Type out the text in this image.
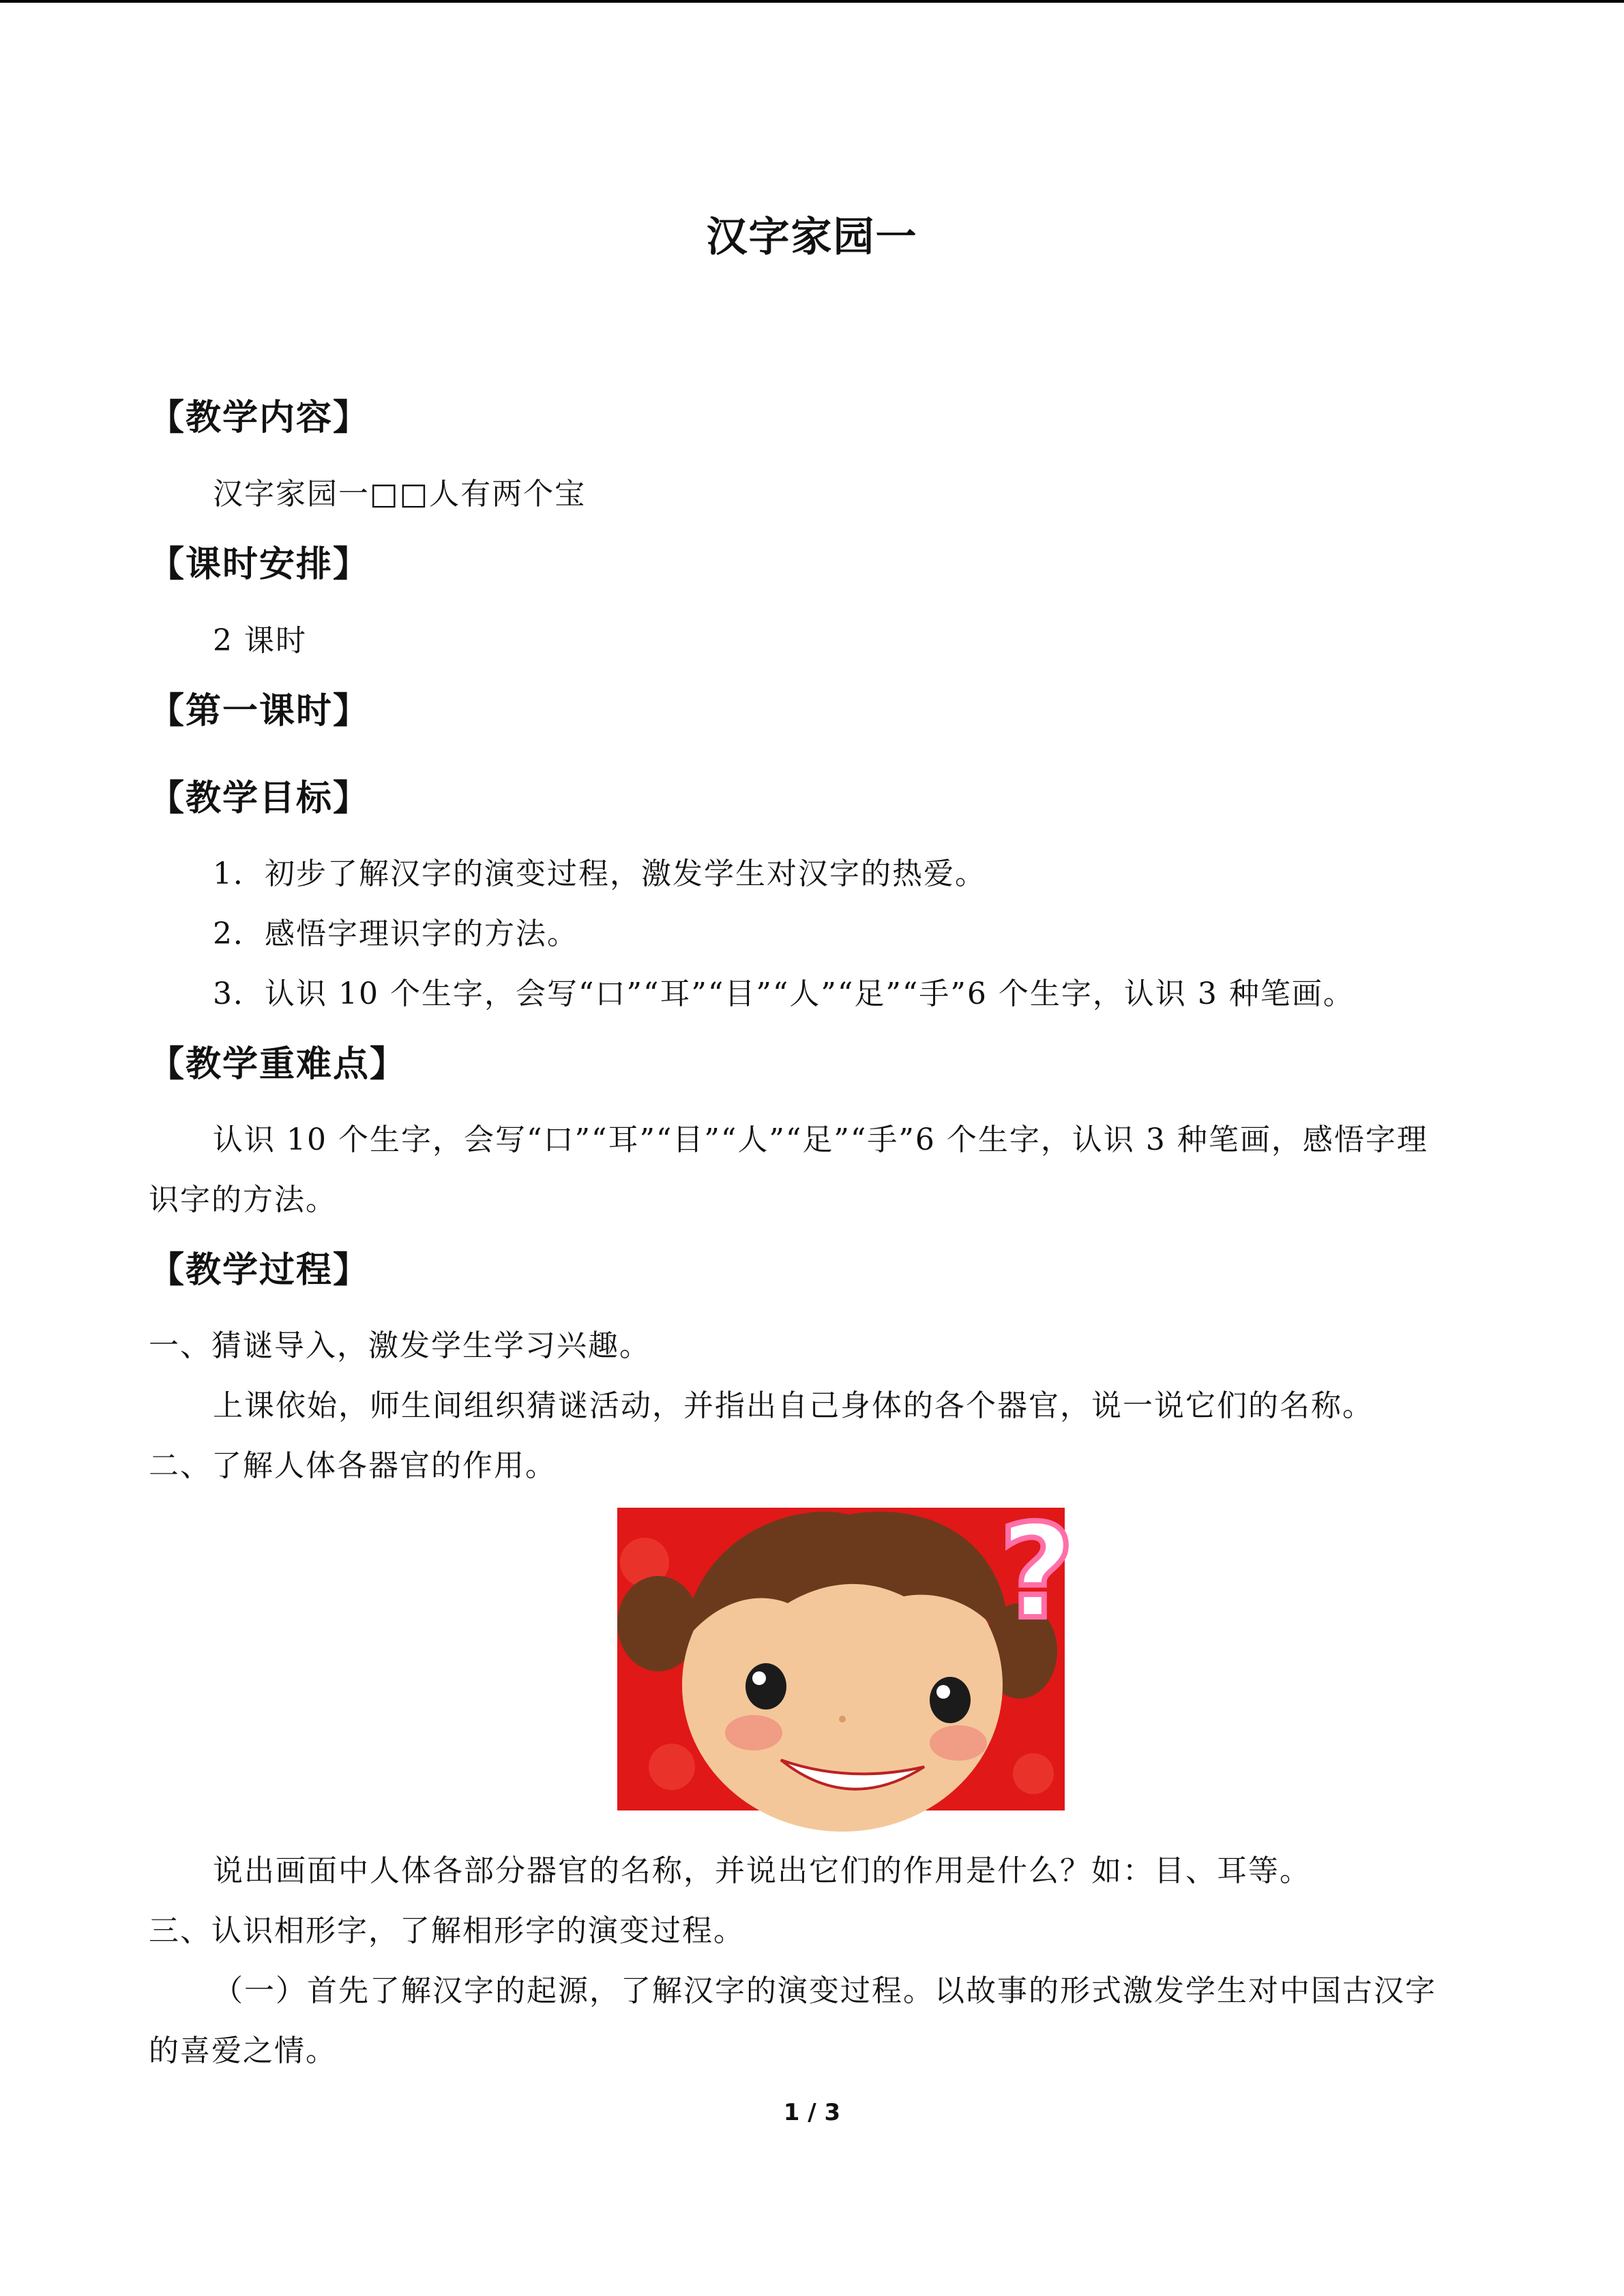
汉字家园一
【教学内容】
汉字家园一□□人有两个宝
【课时安排】
2 课时
【第一课时】
【教学目标】
1．初步了解汉字的演变过程，激发学生对汉字的热爱。
2．感悟字理识字的方法。
3．认识 10 个生字，会写“口”“耳”“目”“人”“足”“手”6 个生字，认识 3 种笔画。
【教学重难点】
认识 10 个生字，会写“口”“耳”“目”“人”“足”“手”6 个生字，认识 3 种笔画，感悟字理识字的方法。
【教学过程】
一、猜谜导入，激发学生学习兴趣。
上课依始，师生间组织猜谜活动，并指出自己身体的各个器官，说一说它们的名称。
二、了解人体各器官的作用。
?
说出画面中人体各部分器官的名称，并说出它们的作用是什么？如：目、耳等。
三、认识相形字，了解相形字的演变过程。
（一）首先了解汉字的起源，了解汉字的演变过程。以故事的形式激发学生对中国古汉字的喜爱之情。
1 / 3
